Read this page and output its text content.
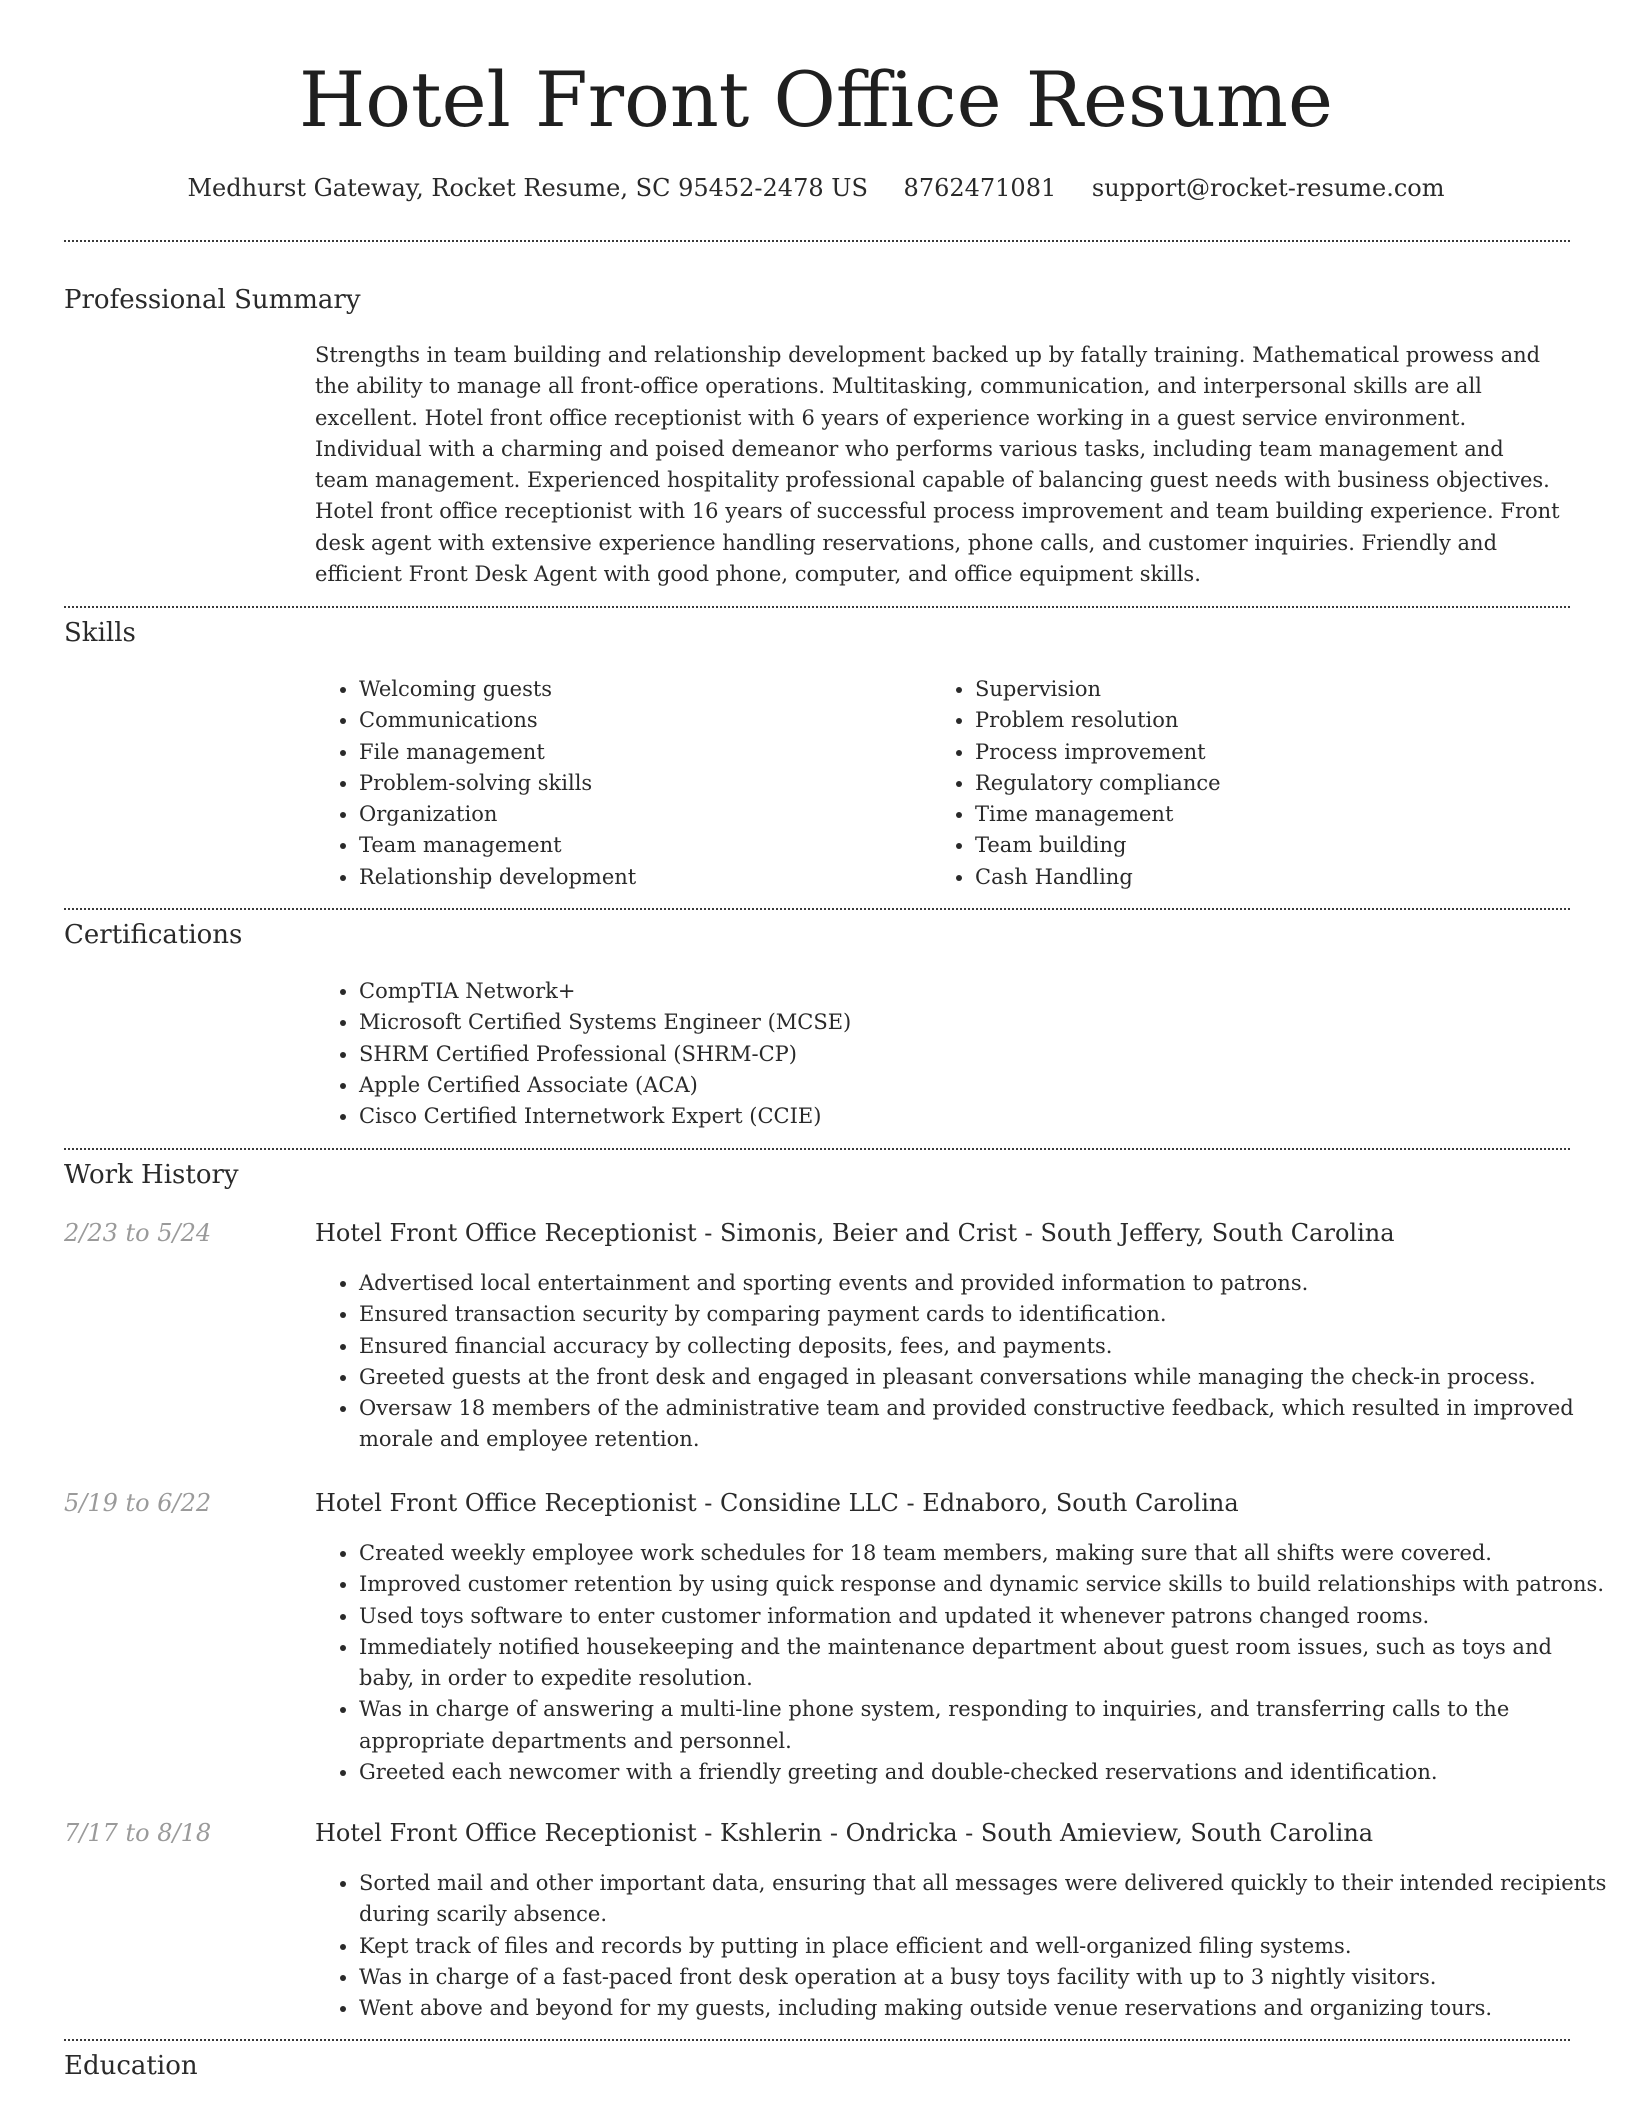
Hotel Front Office Resume
Medhurst Gateway, Rocket Resume, SC 95452-2478 US 8762471081 support@rocket-resume.com
Professional Summary

Strengths in team building and relationship development backed up by fatally training. Mathematical prowess and the ability to manage all front-office operations. Multitasking, communication, and interpersonal skills are all excellent. Hotel front office receptionist with 6 years of experience working in a guest service environment. Individual with a charming and poised demeanor who performs various tasks, including team management and team management. Experienced hospitality professional capable of balancing guest needs with business objectives. Hotel front office receptionist with 16 years of successful process improvement and team building experience. Front desk agent with extensive experience handling reservations, phone calls, and customer inquiries. Friendly and efficient Front Desk Agent with good phone, computer, and office equipment skills.

Skills
• Welcoming guests
• Communications
• File management
• Problem-solving skills
• Organization
• Team management
• Relationship development
• Supervision
• Problem resolution
• Process improvement
• Regulatory compliance
• Time management
• Team building
• Cash Handling
Certifications
• CompTIA Network+
• Microsoft Certified Systems Engineer (MCSE)
• SHRM Certified Professional (SHRM-CP)
• Apple Certified Associate (ACA)
• Cisco Certified Internetwork Expert (CCIE)
Work History
2/23 to 5/24	Hotel Front Office Receptionist - Simonis, Beier and Crist - South Jeffery, South Carolina
• Advertised local entertainment and sporting events and provided information to patrons.
• Ensured transaction security by comparing payment cards to identification.
• Ensured financial accuracy by collecting deposits, fees, and payments.
• Greeted guests at the front desk and engaged in pleasant conversations while managing the check-in process.
• Oversaw 18 members of the administrative team and provided constructive feedback, which resulted in improved morale and employee retention.
5/19 to 6/22	Hotel Front Office Receptionist - Considine LLC - Ednaboro, South Carolina
• Created weekly employee work schedules for 18 team members, making sure that all shifts were covered.
• Improved customer retention by using quick response and dynamic service skills to build relationships with patrons.
• Used toys software to enter customer information and updated it whenever patrons changed rooms.
• Immediately notified housekeeping and the maintenance department about guest room issues, such as toys and baby, in order to expedite resolution.
• Was in charge of answering a multi-line phone system, responding to inquiries, and transferring calls to the appropriate departments and personnel.
• Greeted each newcomer with a friendly greeting and double-checked reservations and identification.
7/17 to 8/18	Hotel Front Office Receptionist - Kshlerin - Ondricka - South Amieview, South Carolina
• Sorted mail and other important data, ensuring that all messages were delivered quickly to their intended recipients during scarily absence.
• Kept track of files and records by putting in place efficient and well-organized filing systems.
• Was in charge of a fast-paced front desk operation at a busy toys facility with up to 3 nightly visitors.
• Went above and beyond for my guests, including making outside venue reservations and organizing tours.
Education
